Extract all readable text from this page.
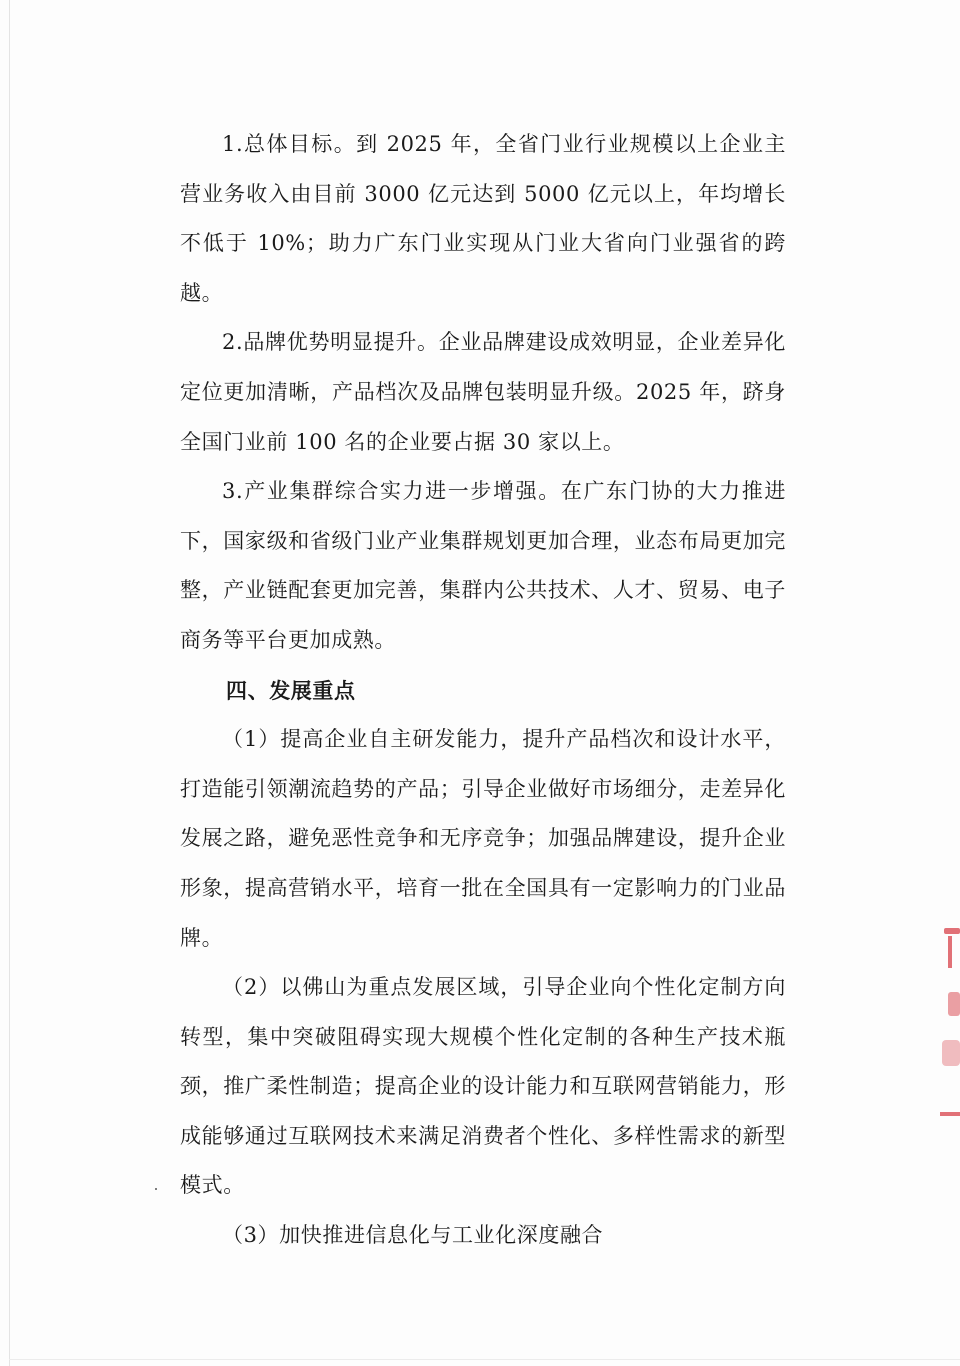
1.总体目标。到 2025 年，全省门业行业规模以上企业主营业务收入由目前 3000 亿元达到 5000 亿元以上，年均增长不低于 10%；助力广东门业实现从门业大省向门业强省的跨越。

2.品牌优势明显提升。企业品牌建设成效明显，企业差异化定位更加清晰，产品档次及品牌包装明显升级。2025 年，跻身全国门业前 100 名的企业要占据 30 家以上。

3.产业集群综合实力进一步增强。在广东门协的大力推进下，国家级和省级门业产业集群规划更加合理，业态布局更加完整，产业链配套更加完善，集群内公共技术、人才、贸易、电子商务等平台更加成熟。

四、发展重点

（1）提高企业自主研发能力，提升产品档次和设计水平，打造能引领潮流趋势的产品；引导企业做好市场细分，走差异化发展之路，避免恶性竞争和无序竞争；加强品牌建设，提升企业形象，提高营销水平，培育一批在全国具有一定影响力的门业品牌。

（2）以佛山为重点发展区域，引导企业向个性化定制方向转型，集中突破阻碍实现大规模个性化定制的各种生产技术瓶颈，推广柔性制造；提高企业的设计能力和互联网营销能力，形成能够通过互联网技术来满足消费者个性化、多样性需求的新型模式。

（3）加快推进信息化与工业化深度融合
